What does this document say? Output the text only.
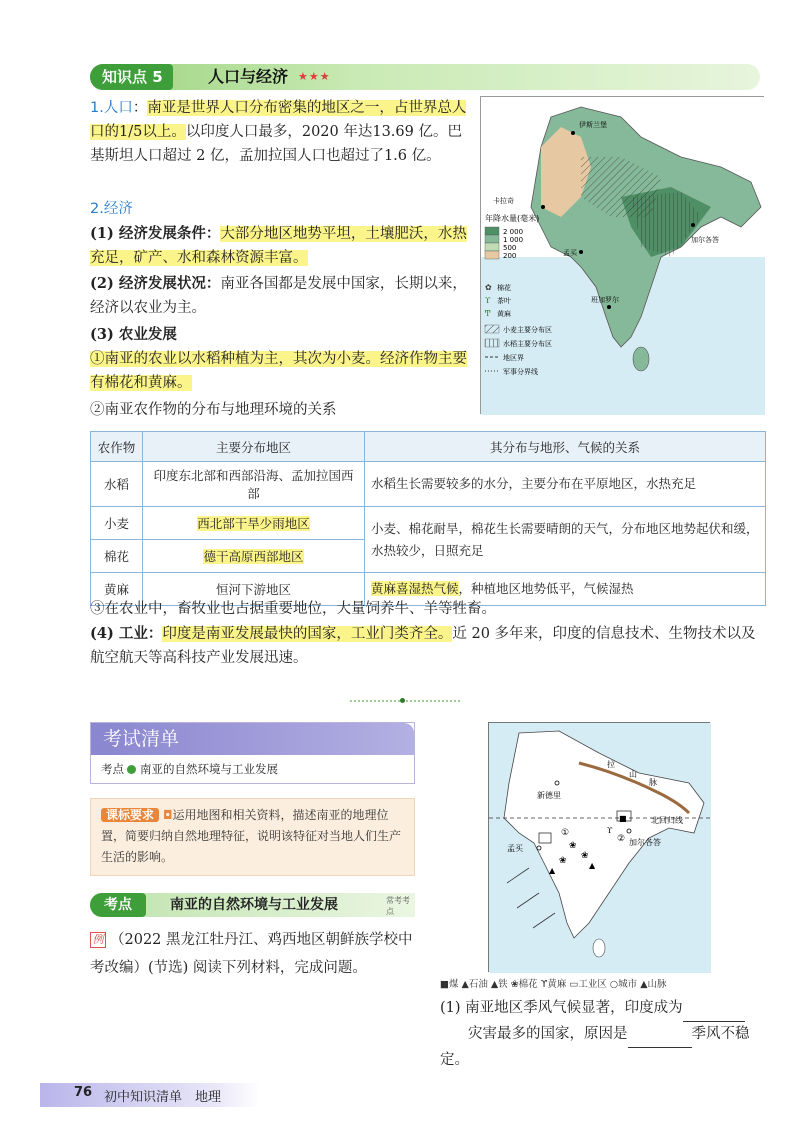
知识点 5	人口与经济 ★★★
1.人口：南亚是世界人口分布密集的地区之一，占世界总人口的1/5以上。以印度人口最多，2020 年达13.69 亿。巴基斯坦人口超过 2 亿，孟加拉国人口也超过了1.6 亿。
2.经济
(1) 经济发展条件：大部分地区地势平坦，土壤肥沃，水热充足，矿产、水和森林资源丰富。
(2) 经济发展状况：南亚各国都是发展中国家，长期以来，经济以农业为主。
(3) 农业发展
①南亚的农业以水稻种植为主，其次为小麦。经济作物主要有棉花和黄麻。
②南亚农作物的分布与地理环境的关系
伊斯兰堡
卡拉奇
孟买
加尔各答
班加罗尔
年降水量(毫米)
2 000
1 000
500
200
✿ 棉花
ϒ 茶叶
Ͳ 黄麻
小麦主要分布区
水稻主要分布区
地区界
军事分界线
农作物	主要分布地区	其分布与地形、气候的关系
水稻	印度东北部和西部沿海、孟加拉国西部	水稻生长需要较多的水分，主要分布在平原地区，水热充足
小麦	西北部干旱少雨地区	小麦、棉花耐旱，棉花生长需要晴朗的天气，分布地区地势起伏和缓，水热较少，日照充足
棉花	德干高原西部地区	
黄麻	恒河下游地区	黄麻喜湿热气候，种植地区地势低平，气候湿热
③在农业中，畜牧业也占据重要地位，大量饲养牛、羊等牲畜。
(4) 工业：印度是南亚发展最快的国家，工业门类齐全。近 20 多年来，印度的信息技术、生物技术以及航空航天等高科技产业发展迅速。
考试清单
考点 南亚的自然环境与工业发展
课标要求 ◘运用地图和相关资料，描述南亚的地理位置，简要归纳自然地理特征，说明该特征对当地人们生产生活的影响。
考点	南亚的自然环境与工业发展	常考考点
例 （2022 黑龙江牡丹江、鸡西地区朝鲜族学校中考改编）(节选) 阅读下列材料，完成问题。
新德里
孟买
加尔各答
北回归线
拉
山
脉
①
②
❀
❀
❀
▲
▲
■
ϒ
■煤 ▲石油 ▲铁 ❀棉花 ϒ黄麻 ▭工业区 ○城市 ▲山脉
(1) 南亚地区季风气候显著，印度成为
灾害最多的国家，原因是	季风不稳定。
76 初中知识清单　地理
